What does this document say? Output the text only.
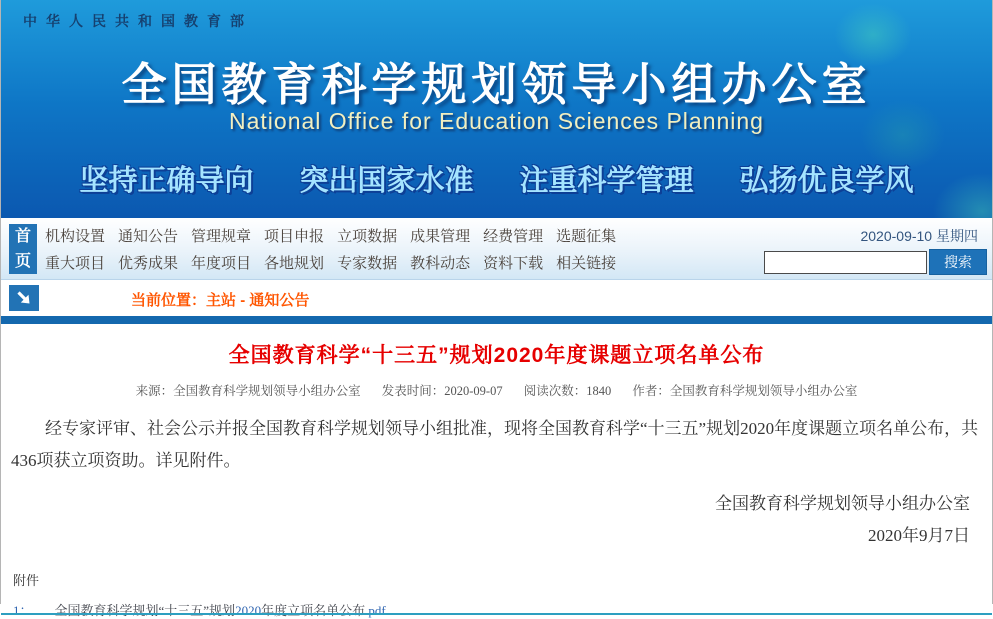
中华人民共和国教育部
全国教育科学规划领导小组办公室
National Office for Education Sciences Planning
坚持正确导向 突出国家水准 注重科学管理 弘扬优良学风
首
页
机构设置 通知公告 管理规章 项目申报 立项数据 成果管理 经费管理 选题征集
重大项目 优秀成果 年度项目 各地规划 专家数据 教科动态 资料下载 相关链接
2020-09-10 星期四
搜索
当前位置：主站 - 通知公告
全国教育科学“十三五”规划2020年度课题立项名单公布
来源：全国教育科学规划领导小组办公室 发表时间：2020-09-07 阅读次数：1840 作者：全国教育科学规划领导小组办公室
经专家评审、社会公示并报全国教育科学规划领导小组批准，现将全国教育科学“十三五”规划2020年度课题立项名单公布，共436项获立项资助。详见附件。
全国教育科学规划领导小组办公室
2020年9月7日
附件
1： 全国教育科学规划“十三五”规划2020年度立项名单公布.pdf
